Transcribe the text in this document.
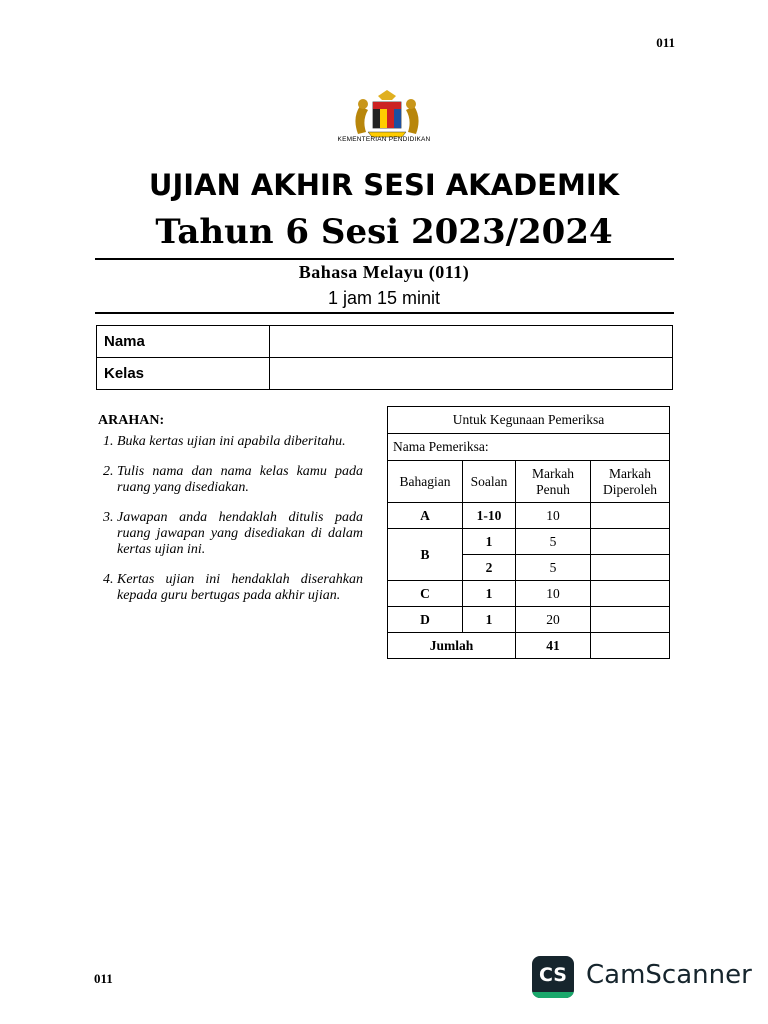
011
KEMENTERIAN PENDIDIKAN
UJIAN AKHIR SESI AKADEMIK
Tahun 6 Sesi 2023/2024
Bahasa Melayu (011)
1 jam 15 minit
Nama	
Kelas	
ARAHAN:
1. Buka kertas ujian ini apabila diberitahu.
2. Tulis nama dan nama kelas kamu pada ruang yang disediakan.
3. Jawapan anda hendaklah ditulis pada ruang jawapan yang disediakan di dalam kertas ujian ini.
4. Kertas ujian ini hendaklah diserahkan kepada guru bertugas pada akhir ujian.
Untuk Kegunaan Pemeriksa			
Nama Pemeriksa:			
Bahagian	Soalan	Markah Penuh	Markah Diperoleh
A	1-10	10	
B	1	5	
	2	5	
C	1	10	
D	1	20	
Jumlah		41	
011	CS CamScanner
